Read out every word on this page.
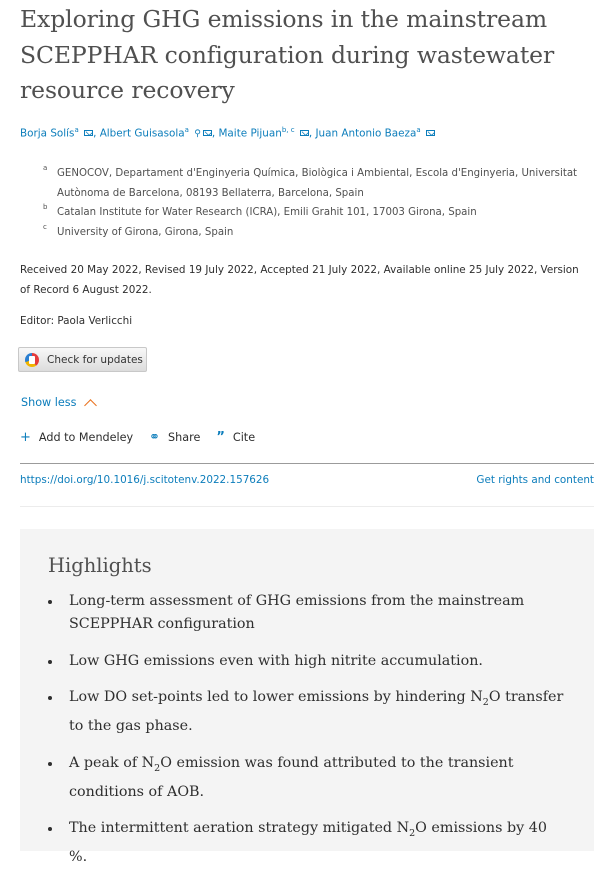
Exploring GHG emissions in the mainstream SCEPPHAR configuration during wastewater resource recovery
Borja Solís$^a$ , Albert Guisasola$^a$ ⚲ , Maite Pijuan$^{b, c}$ , Juan Antonio Baeza$^a$
a GENOCOV, Departament d'Enginyeria Química, Biològica i Ambiental, Escola d'Enginyeria, Universitat Autònoma de Barcelona, 08193 Bellaterra, Barcelona, Spain
b Catalan Institute for Water Research (ICRA), Emili Grahit 101, 17003 Girona, Spain
c University of Girona, Girona, Spain
Received 20 May 2022, Revised 19 July 2022, Accepted 21 July 2022, Available online 25 July 2022, Version of Record 6 August 2022.
Editor: Paola Verlicchi
Check for updates
Show less
+ Add to Mendeley ⚭ Share ” Cite
https://doi.org/10.1016/j.scitotenv.2022.157626	Get rights and content
Highlights
Long-term assessment of GHG emissions from the mainstream SCEPPHAR configuration
Low GHG emissions even with high nitrite accumulation.
Low DO set-points led to lower emissions by hindering $N_2O$ transfer to the gas phase.
A peak of $N_2O$ emission was found attributed to the transient conditions of AOB.
The intermittent aeration strategy mitigated $N_2O$ emissions by 40 %.
